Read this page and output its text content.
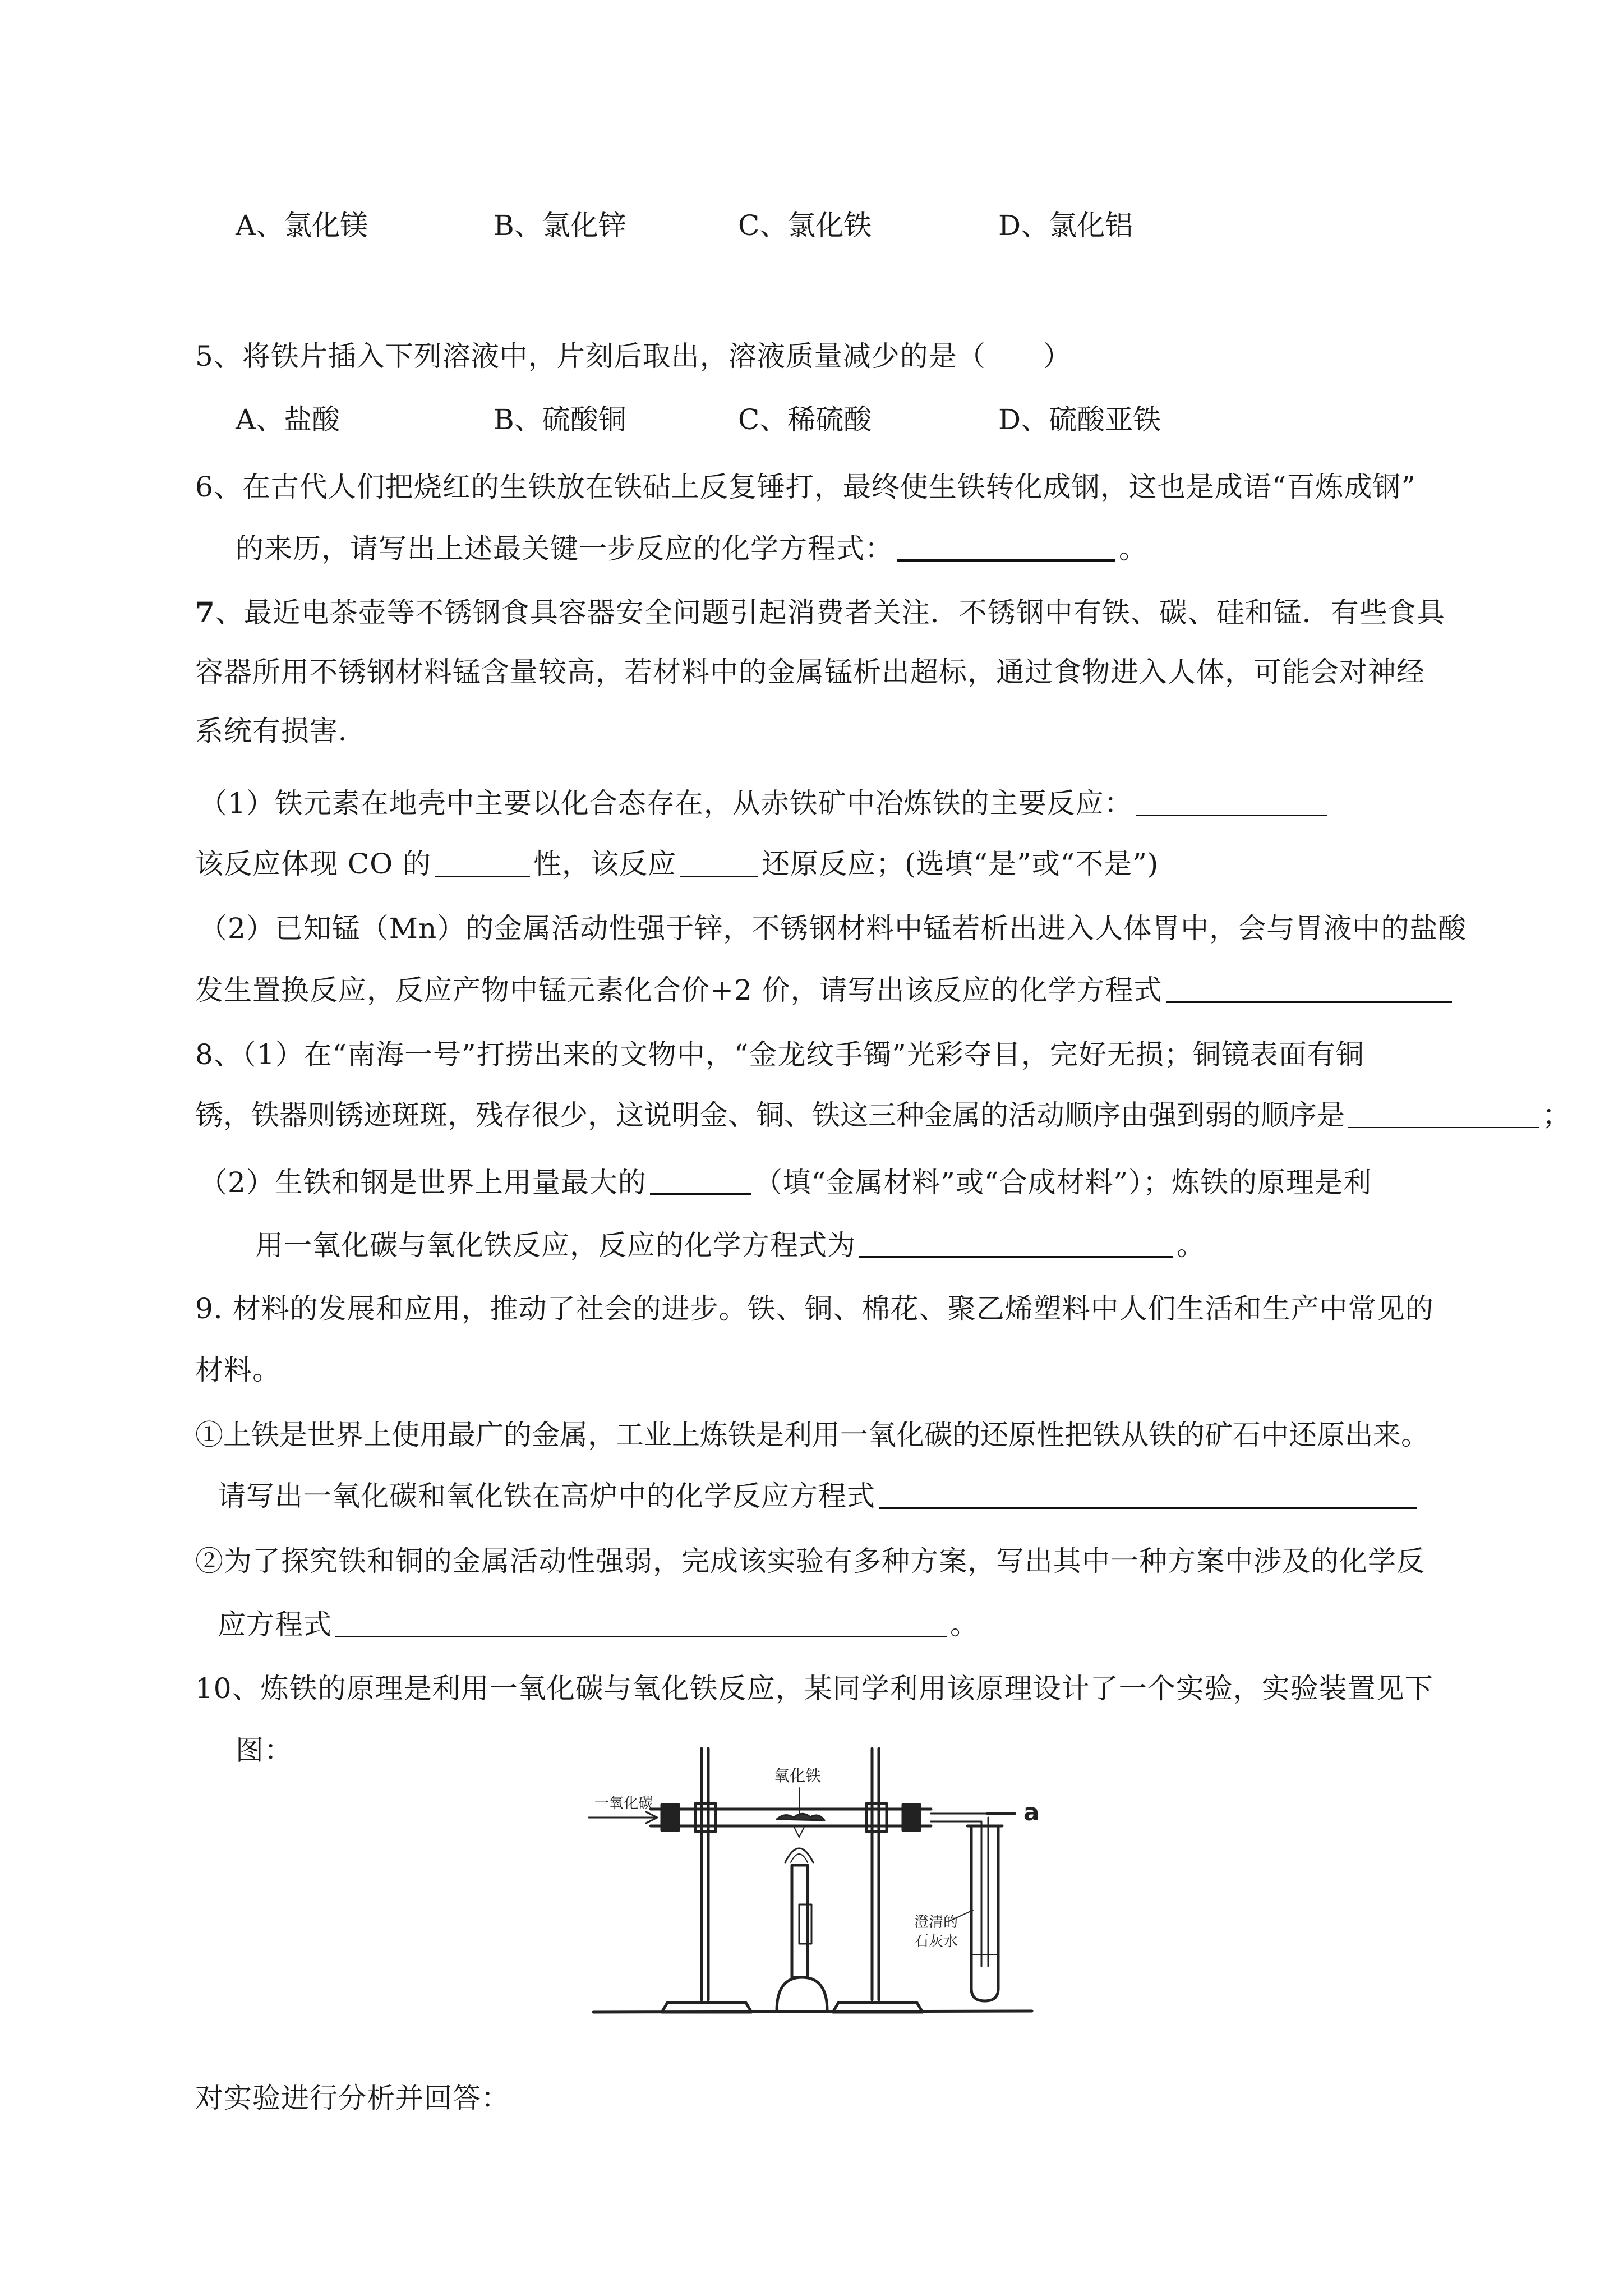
A、氯化镁	B、氯化锌	C、氯化铁	D、氯化铝
5、将铁片插入下列溶液中，片刻后取出，溶液质量减少的是（　　）
A、盐酸	B、硫酸铜	C、稀硫酸	D、硫酸亚铁
6、在古代人们把烧红的生铁放在铁砧上反复锤打，最终使生铁转化成钢，这也是成语“百炼成钢”
的来历，请写出上述最关键一步反应的化学方程式：	。
7、最近电茶壶等不锈钢食具容器安全问题引起消费者关注．不锈钢中有铁、碳、硅和锰．有些食具
容器所用不锈钢材料锰含量较高，若材料中的金属锰析出超标，通过食物进入人体，可能会对神经
系统有损害．
（1）铁元素在地壳中主要以化合态存在，从赤铁矿中冶炼铁的主要反应：
该反应体现 CO 的	性，该反应	还原反应；(选填“是”或“不是”)
（2）已知锰（Mn）的金属活动性强于锌，不锈钢材料中锰若析出进入人体胃中，会与胃液中的盐酸
发生置换反应，反应产物中锰元素化合价+2 价，请写出该反应的化学方程式
8、（1）在“南海一号”打捞出来的文物中，“金龙纹手镯”光彩夺目，完好无损；铜镜表面有铜
锈，铁器则锈迹斑斑，残存很少，这说明金、铜、铁这三种金属的活动顺序由强到弱的顺序是	；
（2）生铁和钢是世界上用量最大的	（填“金属材料”或“合成材料”）；炼铁的原理是利
用一氧化碳与氧化铁反应，反应的化学方程式为	。
9. 材料的发展和应用，推动了社会的进步。铁、铜、棉花、聚乙烯塑料中人们生活和生产中常见的
材料。
①上铁是世界上使用最广的金属，工业上炼铁是利用一氧化碳的还原性把铁从铁的矿石中还原出来。
请写出一氧化碳和氧化铁在高炉中的化学反应方程式
②为了探究铁和铜的金属活动性强弱，完成该实验有多种方案，写出其中一种方案中涉及的化学反
应方程式	。
10、炼铁的原理是利用一氧化碳与氧化铁反应，某同学利用该原理设计了一个实验，实验装置见下
图：
一氧化碳
氧化铁
a
澄清的
石灰水
对实验进行分析并回答：
